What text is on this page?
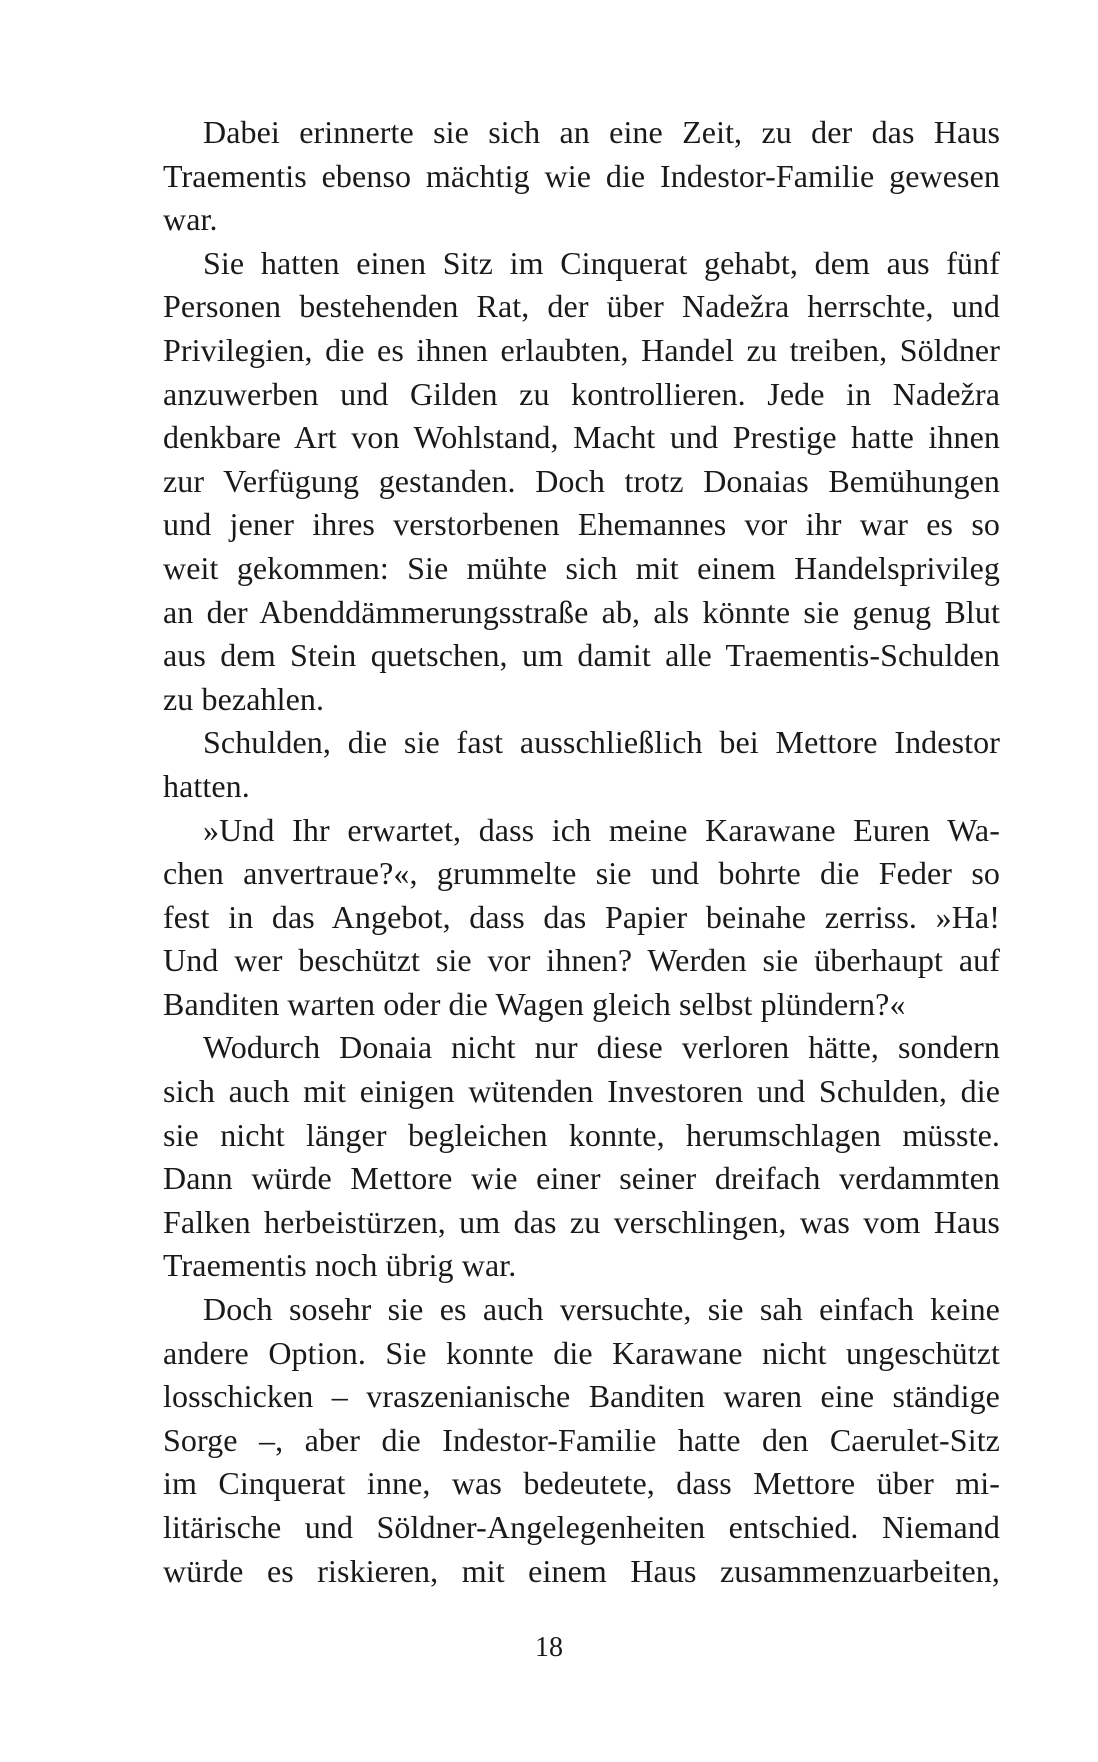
Dabei erinnerte sie sich an eine Zeit, zu der das Haus
Traementis ebenso mächtig wie die Indestor-Familie gewesen
war.
Sie hatten einen Sitz im Cinquerat gehabt, dem aus fünf
Personen bestehenden Rat, der über Nadežra herrschte, und
Privilegien, die es ihnen erlaubten, Handel zu treiben, Söldner
anzuwerben und Gilden zu kontrollieren. Jede in Nadežra
denkbare Art von Wohlstand, Macht und Prestige hatte ihnen
zur Verfügung gestanden. Doch trotz Donaias Bemühungen
und jener ihres verstorbenen Ehemannes vor ihr war es so
weit gekommen: Sie mühte sich mit einem Handelsprivileg
an der Abenddämmerungsstraße ab, als könnte sie genug Blut
aus dem Stein quetschen, um damit alle Traementis-Schulden
zu bezahlen.
Schulden, die sie fast ausschließlich bei Mettore Indestor
hatten.
»Und Ihr erwartet, dass ich meine Karawane Euren Wa-
chen anvertraue?«, grummelte sie und bohrte die Feder so
fest in das Angebot, dass das Papier beinahe zerriss. »Ha!
Und wer beschützt sie vor ihnen? Werden sie überhaupt auf
Banditen warten oder die Wagen gleich selbst plündern?«
Wodurch Donaia nicht nur diese verloren hätte, sondern
sich auch mit einigen wütenden Investoren und Schulden, die
sie nicht länger begleichen konnte, herumschlagen müsste.
Dann würde Mettore wie einer seiner dreifach verdammten
Falken herbeistürzen, um das zu verschlingen, was vom Haus
Traementis noch übrig war.
Doch sosehr sie es auch versuchte, sie sah einfach keine
andere Option. Sie konnte die Karawane nicht ungeschützt
losschicken – vraszenianische Banditen waren eine ständige
Sorge –, aber die Indestor-Familie hatte den Caerulet-Sitz
im Cinquerat inne, was bedeutete, dass Mettore über mi-
litärische und Söldner-Angelegenheiten entschied. Niemand
würde es riskieren, mit einem Haus zusammenzuarbeiten,
18
